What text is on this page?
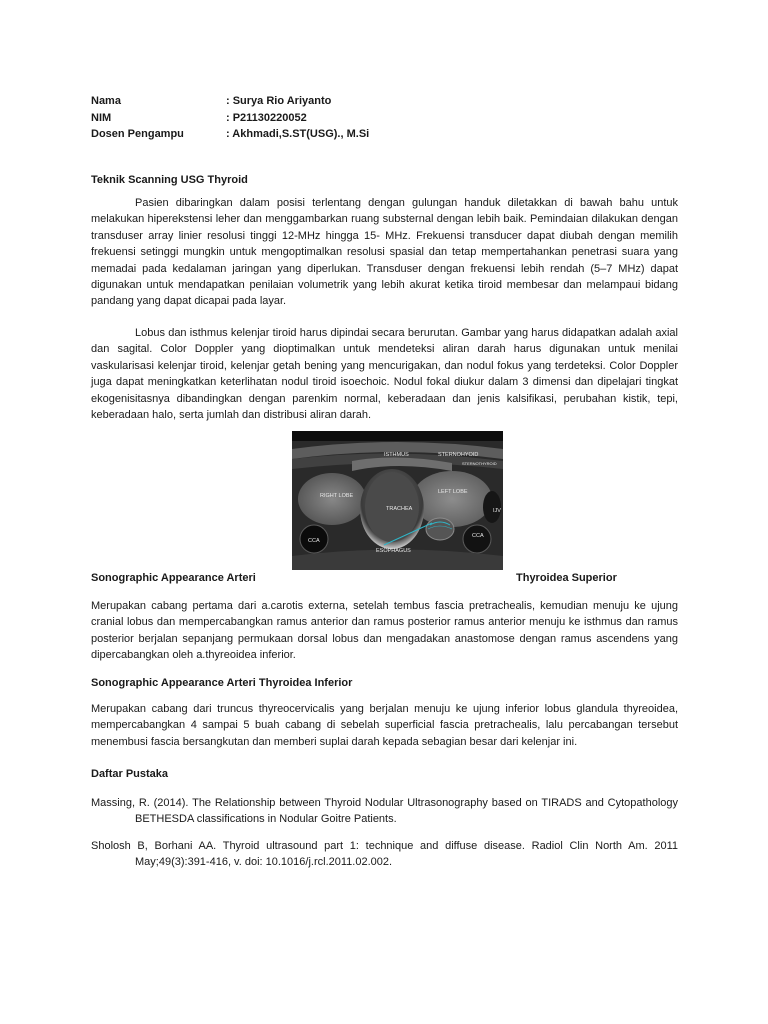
Nama	: Surya Rio Ariyanto
NIM	: P21130220052
Dosen Pengampu	: Akhmadi,S.ST(USG)., M.Si
Teknik Scanning USG Thyroid

Pasien dibaringkan dalam posisi terlentang dengan gulungan handuk diletakkan di bawah bahu untuk melakukan hiperekstensi leher dan menggambarkan ruang substernal dengan lebih baik. Pemindaian dilakukan dengan transduser array linier resolusi tinggi 12-MHz hingga 15- MHz. Frekuensi transducer dapat diubah dengan memilih frekuensi setinggi mungkin untuk mengoptimalkan resolusi spasial dan tetap mempertahankan penetrasi suara yang memadai pada kedalaman jaringan yang diperlukan. Transduser dengan frekuensi lebih rendah (5–7 MHz) dapat digunakan untuk mendapatkan penilaian volumetrik yang lebih akurat ketika tiroid membesar dan melampaui bidang pandang yang dapat dicapai pada layar.

Lobus dan isthmus kelenjar tiroid harus dipindai secara berurutan. Gambar yang harus didapatkan adalah axial dan sagital. Color Doppler yang dioptimalkan untuk mendeteksi aliran darah harus digunakan untuk menilai vaskularisasi kelenjar tiroid, kelenjar getah bening yang mencurigakan, dan nodul fokus yang terdeteksi. Color Doppler juga dapat meningkatkan keterlihatan nodul tiroid isoechoic. Nodul fokal diukur dalam 3 dimensi dan dipelajari tingkat ekogenisitasnya dibandingkan dengan parenkim normal, keberadaan dan jenis kalsifikasi, perubahan kistik, tepi, keberadaan halo, serta jumlah dan distribusi aliran darah.

ISTHMUS	STERNOHYOID
STERNOTHYROID
RIGHT LOBE
LEFT LOBE
TRACHEA	IJV
CCA
CCA
ESOPHAGUS
Sonographic Appearance Arteri	Thyroidea Superior

Merupakan cabang pertama dari a.carotis externa, setelah tembus fascia pretrachealis, kemudian menuju ke ujung cranial lobus dan mempercabangkan ramus anterior dan ramus posterior ramus anterior menuju ke isthmus dan ramus posterior berjalan sepanjang permukaan dorsal lobus dan mengadakan anastomose dengan ramus ascendens yang dipercabangkan oleh a.thyreoidea inferior.

Sonographic Appearance Arteri Thyroidea Inferior

Merupakan cabang dari truncus thyreocervicalis yang berjalan menuju ke ujung inferior lobus glandula thyreoidea, mempercabangkan 4 sampai 5 buah cabang di sebelah superficial fascia pretrachealis, lalu percabangan tersebut menembusi fascia bersangkutan dan memberi suplai darah kepada sebagian besar dari kelenjar ini.

Daftar Pustaka

Massing, R. (2014). The Relationship between Thyroid Nodular Ultrasonography based on TIRADS and Cytopathology BETHESDA classifications in Nodular Goitre Patients.

Sholosh B, Borhani AA. Thyroid ultrasound part 1: technique and diffuse disease. Radiol Clin North Am. 2011 May;49(3):391-416, v. doi: 10.1016/j.rcl.2011.02.002.
